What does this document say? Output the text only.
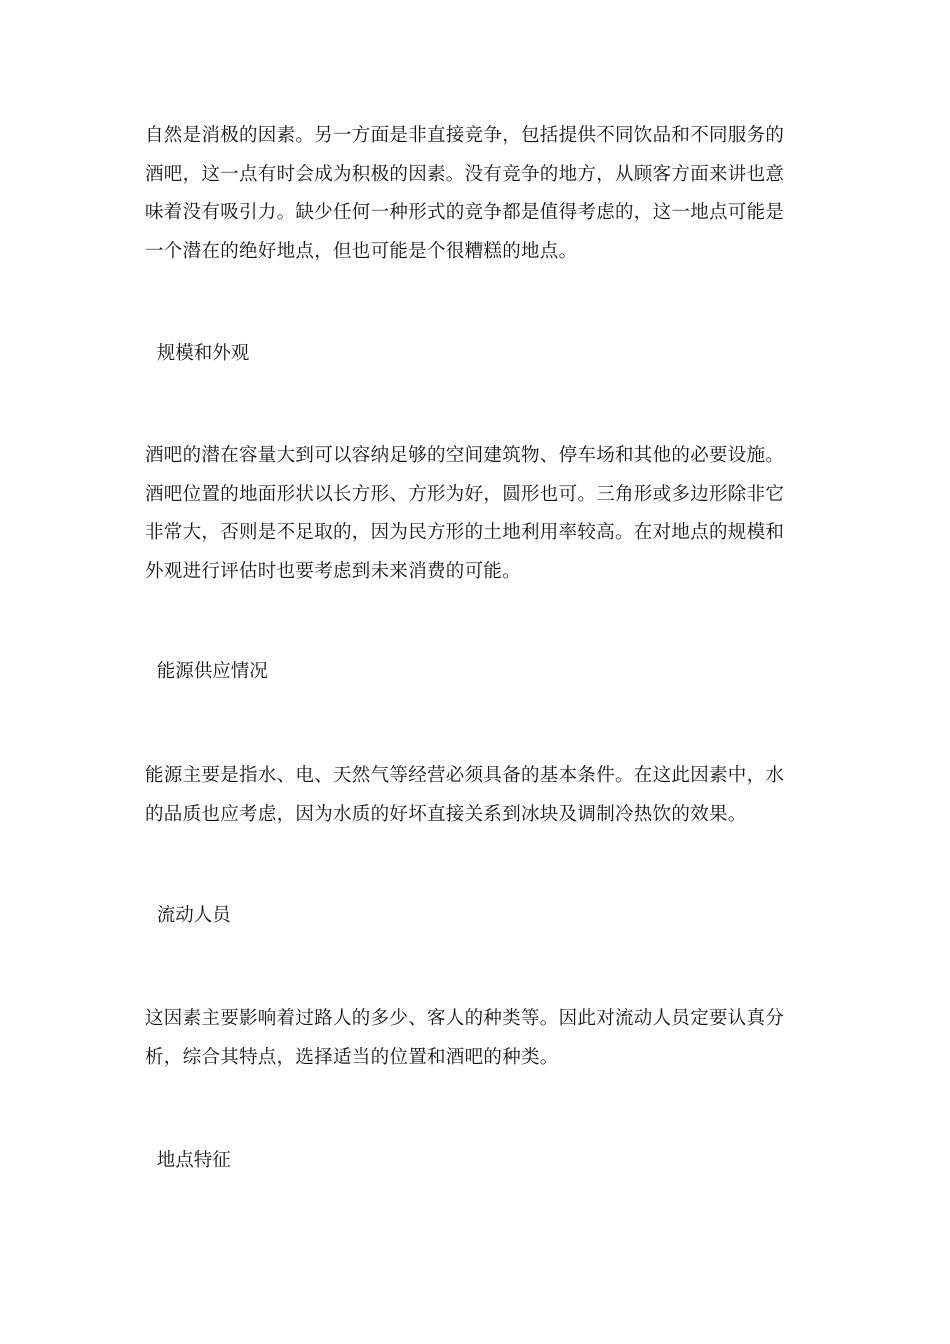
自然是消极的因素。另一方面是非直接竞争，包括提供不同饮品和不同服务的
酒吧，这一点有时会成为积极的因素。没有竞争的地方，从顾客方面来讲也意
味着没有吸引力。缺少任何一种形式的竞争都是值得考虑的，这一地点可能是
一个潜在的绝好地点，但也可能是个很糟糕的地点。

规模和外观

酒吧的潜在容量大到可以容纳足够的空间建筑物、停车场和其他的必要设施。
酒吧位置的地面形状以长方形、方形为好，圆形也可。三角形或多边形除非它
非常大，否则是不足取的，因为民方形的土地利用率较高。在对地点的规模和
外观进行评估时也要考虑到未来消费的可能。

能源供应情况

能源主要是指水、电、天然气等经营必须具备的基本条件。在这此因素中，水
的品质也应考虑，因为水质的好坏直接关系到冰块及调制冷热饮的效果。

流动人员

这因素主要影响着过路人的多少、客人的种类等。因此对流动人员定要认真分
析，综合其特点，选择适当的位置和酒吧的种类。

地点特征
